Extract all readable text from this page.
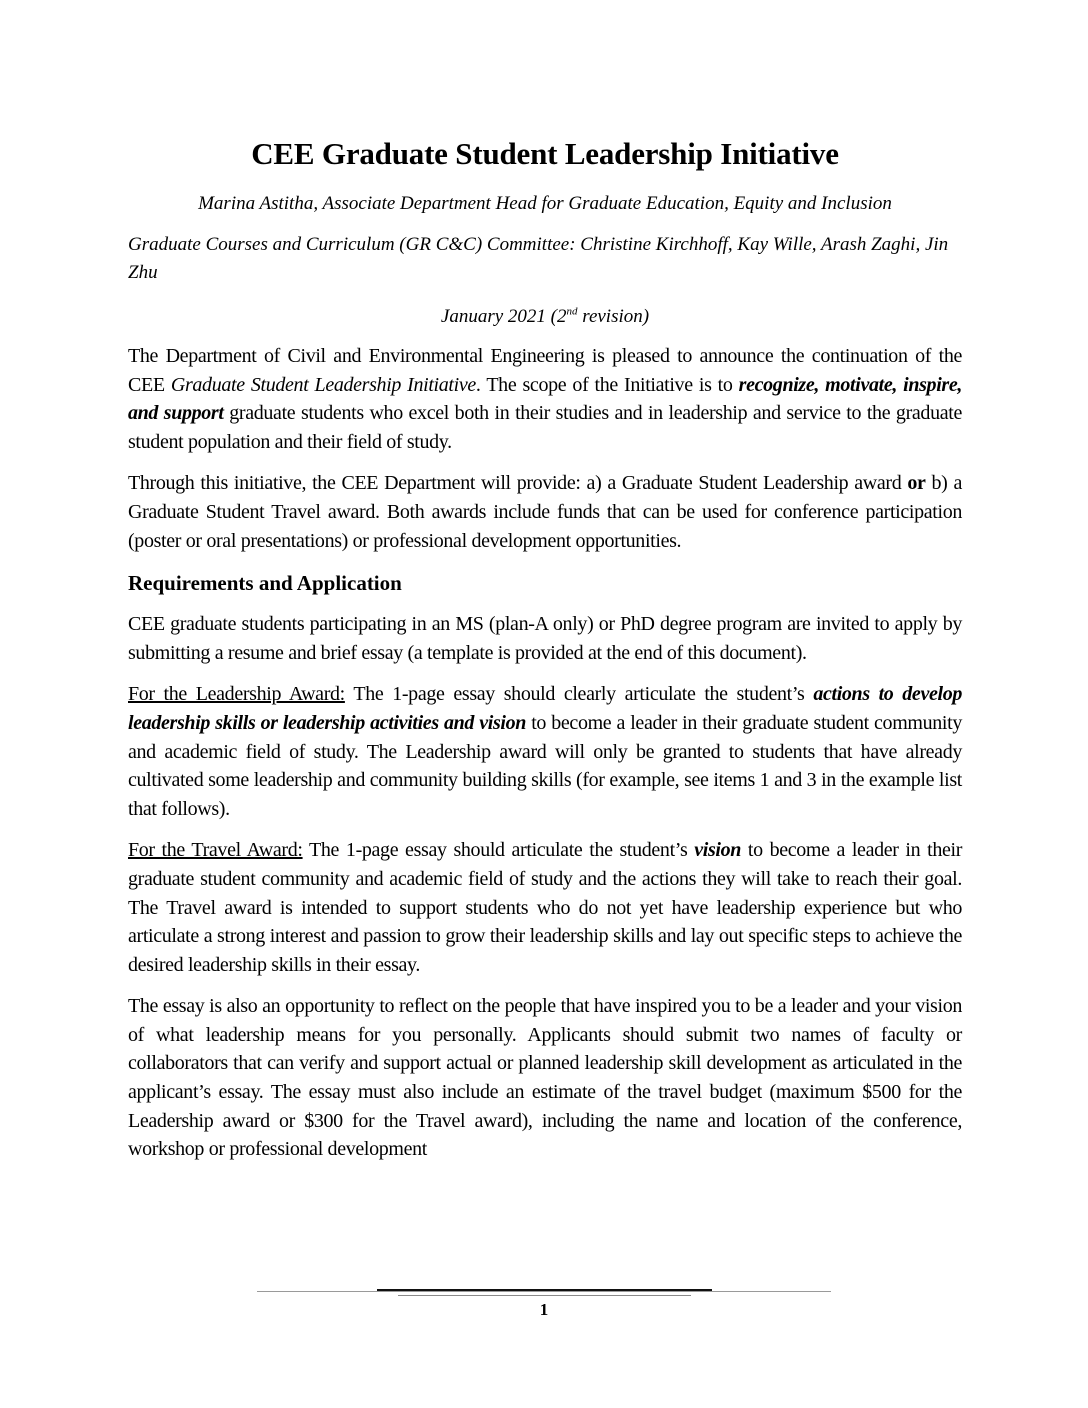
CEE Graduate Student Leadership Initiative
Marina Astitha, Associate Department Head for Graduate Education, Equity and Inclusion
Graduate Courses and Curriculum (GR C&C) Committee: Christine Kirchhoff, Kay Wille, Arash Zaghi, Jin Zhu
January 2021 (2nd revision)

The Department of Civil and Environmental Engineering is pleased to announce the continuation of the CEE Graduate Student Leadership Initiative. The scope of the Initiative is to recognize, motivate, inspire, and support graduate students who excel both in their studies and in leadership and service to the graduate student population and their field of study.

Through this initiative, the CEE Department will provide: a) a Graduate Student Leadership award or b) a Graduate Student Travel award. Both awards include funds that can be used for conference participation (poster or oral presentations) or professional development opportunities.

Requirements and Application

CEE graduate students participating in an MS (plan-A only) or PhD degree program are invited to apply by submitting a resume and brief essay (a template is provided at the end of this document).

For the Leadership Award: The 1-page essay should clearly articulate the student’s actions to develop leadership skills or leadership activities and vision to become a leader in their graduate student community and academic field of study. The Leadership award will only be granted to students that have already cultivated some leadership and community building skills (for example, see items 1 and 3 in the example list that follows).

For the Travel Award: The 1-page essay should articulate the student’s vision to become a leader in their graduate student community and academic field of study and the actions they will take to reach their goal. The Travel award is intended to support students who do not yet have leadership experience but who articulate a strong interest and passion to grow their leadership skills and lay out specific steps to achieve the desired leadership skills in their essay.

The essay is also an opportunity to reflect on the people that have inspired you to be a leader and your vision of what leadership means for you personally. Applicants should submit two names of faculty or collaborators that can verify and support actual or planned leadership skill development as articulated in the applicant’s essay. The essay must also include an estimate of the travel budget (maximum $500 for the Leadership award or $300 for the Travel award), including the name and location of the conference, workshop or professional development

1
